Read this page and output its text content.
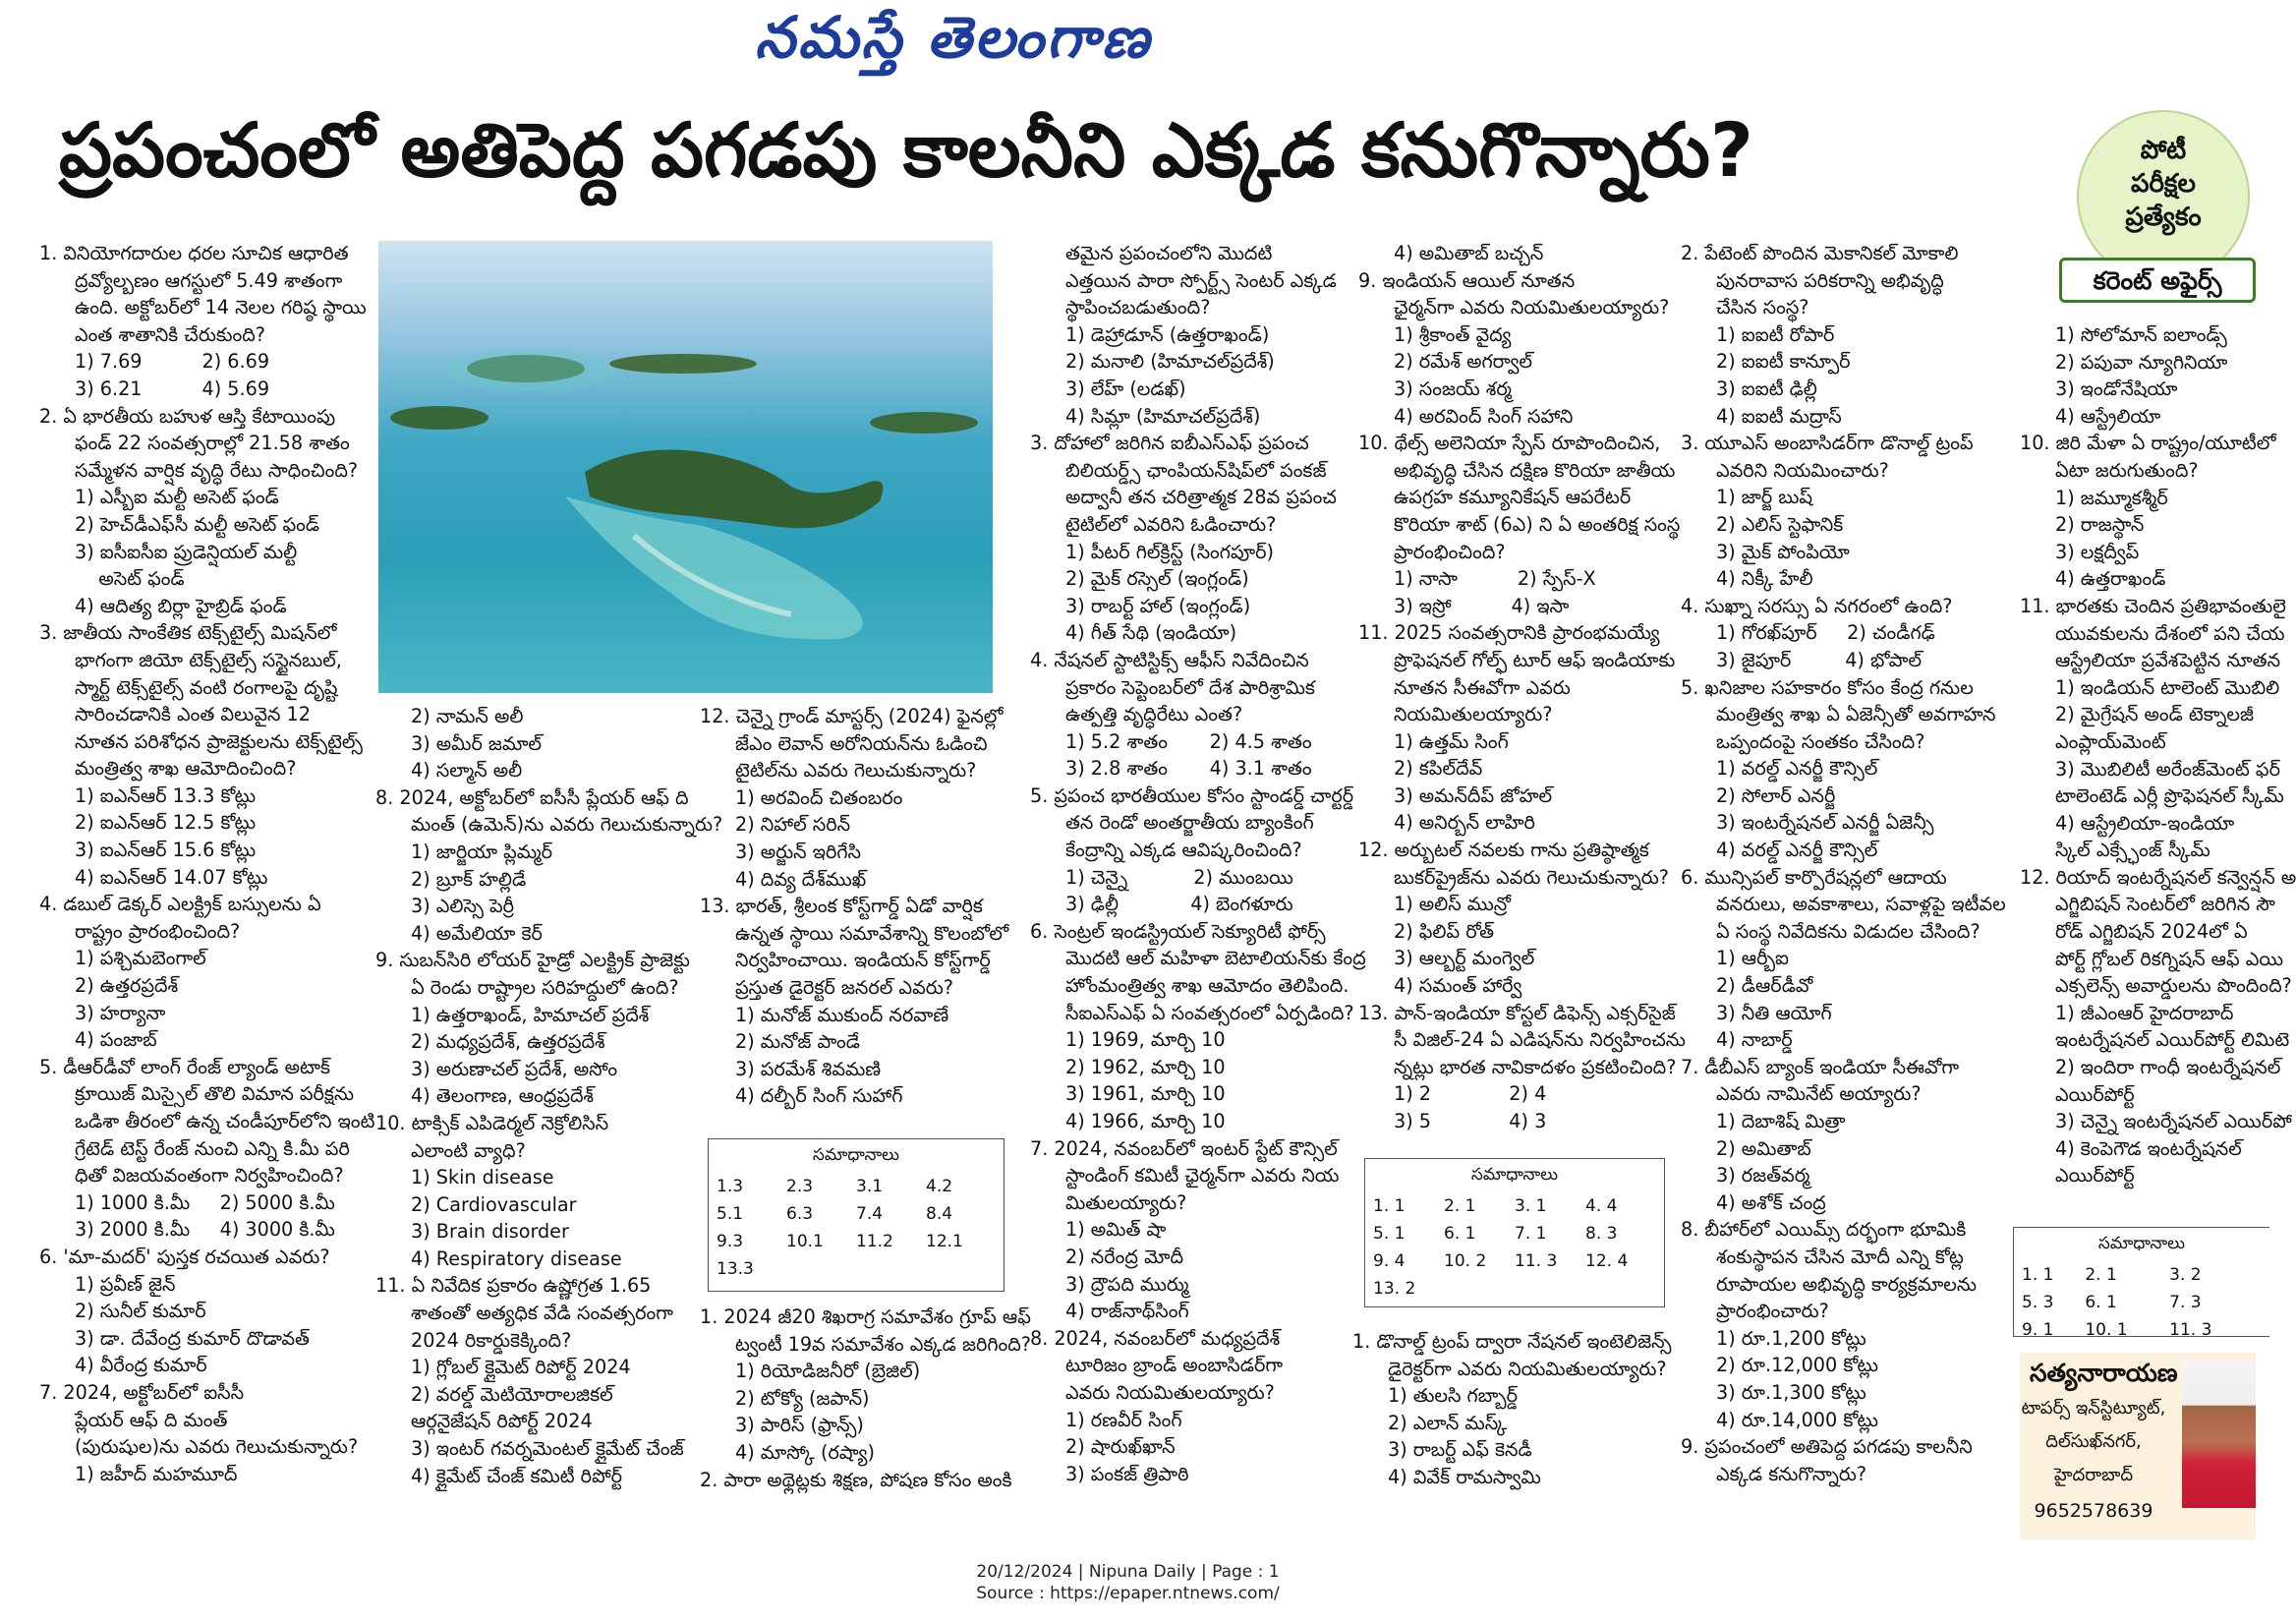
నమస్తే తెలంగాణ
ప్రపంచంలో అతిపెద్ద పగడపు కాలనీని ఎక్కడ కనుగొన్నారు?	పోటీ
పరీక్షల
ప్రత్యేకం
కరెంట్ అఫైర్స్
1. వినియోగదారుల ధరల సూచిక ఆధారిత
ద్రవ్యోల్బణం ఆగస్టులో 5.49 శాతంగా
ఉంది. అక్టోబర్‌లో 14 నెలల గరిష్ఠ స్థాయి
ఎంత శాతానికి చేరుకుంది?
1) 7.69          2) 6.69
3) 6.21          4) 5.69
2. ఏ భారతీయ బహుళ ఆస్తి కేటాయింపు
ఫండ్ 22 సంవత్సరాల్లో 21.58 శాతం
సమ్మేళన వార్షిక వృద్ధి రేటు సాధించింది?
1) ఎస్బీఐ మల్టీ అసెట్ ఫండ్
2) హెచ్‌డీఎఫ్‌సీ మల్టీ అసెట్ ఫండ్
3) ఐసీఐసీఐ ప్రుడెన్షియల్ మల్టీ
అసెట్ ఫండ్
4) ఆదిత్య బిర్లా హైబ్రిడ్ ఫండ్
3. జాతీయ సాంకేతిక టెక్స్‌టైల్స్ మిషన్‌లో
భాగంగా జియో టెక్స్‌టైల్స్ సస్టైనబుల్,
స్మార్ట్ టెక్స్‌టైల్స్ వంటి రంగాలపై దృష్టి
సారించడానికి ఎంత విలువైన 12
నూతన పరిశోధన ప్రాజెక్టులను టెక్స్‌టైల్స్
మంత్రిత్వ శాఖ ఆమోదించింది?
1) ఐఎన్ఆర్ 13.3 కోట్లు
2) ఐఎన్ఆర్ 12.5 కోట్లు
3) ఐఎన్ఆర్ 15.6 కోట్లు
4) ఐఎన్ఆర్ 14.07 కోట్లు
4. డబుల్ డెక్కర్ ఎలక్ట్రిక్ బస్సులను ఏ
రాష్ట్రం ప్రారంభించింది?
1) పశ్చిమబెంగాల్
2) ఉత్తరప్రదేశ్
3) హర్యానా
4) పంజాబ్
5. డీఆర్‌డీవో లాంగ్ రేంజ్ ల్యాండ్ అటాక్
క్రూయిజ్ మిస్సైల్ తొలి విమాన పరీక్షను
ఒడిశా తీరంలో ఉన్న చండీపూర్‌లోని ఇంటి
గ్రేటెడ్ టెస్ట్ రేంజ్ నుంచి ఎన్ని కి.మీ పరి
ధితో విజయవంతంగా నిర్వహించింది?
1) 1000 కి.మీ     2) 5000 కి.మీ
3) 2000 కి.మీ     4) 3000 కి.మీ
6. 'మా-మదర్' పుస్తక రచయిత ఎవరు?
1) ప్రవీణ్ జైన్
2) సునీల్ కుమార్
3) డా. దేవేంద్ర కుమార్ దొడావత్
4) వీరేంద్ర కుమార్
7. 2024, అక్టోబర్‌లో ఐసీసీ
ప్లేయర్ ఆఫ్ ది మంత్
(పురుషుల)ను ఎవరు గెలుచుకున్నారు?
1) జహీద్ మహమూద్
2) నామన్ అలీ
3) అమీర్ జమాల్
4) సల్మాన్ అలీ
8. 2024, అక్టోబర్‌లో ఐసీసీ ప్లేయర్ ఆఫ్ ది
మంత్ (ఉమెన్)ను ఎవరు గెలుచుకున్నారు?
1) జార్జియా ప్లిమ్మర్
2) బ్రూక్ హల్లిడే
3) ఎలిస్సె పెర్రీ
4) అమేలియా కెర్
9. సుబన్‌సిరి లోయర్ హైడ్రో ఎలక్ట్రిక్ ప్రాజెక్టు
ఏ రెండు రాష్ట్రాల సరిహద్దులో ఉంది?
1) ఉత్తరాఖండ్, హిమాచల్ ప్రదేశ్
2) మధ్యప్రదేశ్, ఉత్తరప్రదేశ్
3) అరుణాచల్ ప్రదేశ్, అసోం
4) తెలంగాణ, ఆంధ్రప్రదేశ్
10. టాక్సిక్ ఎపిడెర్మల్ నెక్రోలిసిస్
ఎలాంటి వ్యాధి?
1) Skin disease
2) Cardiovascular
3) Brain disorder
4) Respiratory disease
11. ఏ నివేదిక ప్రకారం ఉష్ణోగ్రత 1.65
శాతంతో అత్యధిక వేడి సంవత్సరంగా
2024 రికార్డుకెక్కింది?
1) గ్లోబల్ క్లైమెట్ రిపోర్ట్ 2024
2) వరల్డ్ మెటియోరాలజికల్
ఆర్గనైజేషన్ రిపోర్ట్ 2024
3) ఇంటర్ గవర్నమెంటల్ క్లైమేట్ చేంజ్
4) క్లైమేట్ చేంజ్ కమిటీ రిపోర్ట్
12. చెన్నై గ్రాండ్ మాస్టర్స్ (2024) ఫైనల్లో
జేఎం లెవాన్ అరోనియన్‌ను ఓడించి
టైటిల్‌ను ఎవరు గెలుచుకున్నారు?
1) అరవింద్ చితంబరం
2) నిహాల్ సరిన్
3) అర్జున్ ఇరిగేసి
4) దివ్య దేశ్‌ముఖ్
13. భారత్, శ్రీలంక కోస్ట్‌గార్డ్ ఏడో వార్షిక
ఉన్నత స్థాయి సమావేశాన్ని కొలంబోలో
నిర్వహించాయి. ఇండియన్ కోస్ట్‌గార్డ్
ప్రస్తుత డైరెక్టర్ జనరల్ ఎవరు?
1) మనోజ్ ముకుంద్ నరవాణే
2) మనోజ్ పాండే
3) పరమేశ్ శివమణి
4) దల్బీర్ సింగ్ సుహాగ్
సమాధానాలు
1.3	2.3	3.1	4.2
5.1	6.3	7.4	8.4
9.3	10.1	11.2	12.1
13.3			
1. 2024 జీ20 శిఖరాగ్ర సమావేశం గ్రూప్ ఆఫ్
ట్వంటీ 19వ సమావేశం ఎక్కడ జరిగింది?
1) రియోడిజనీరో (బ్రెజిల్)
2) టోక్యో (జపాన్)
3) పారిస్ (ఫ్రాన్స్)
4) మాస్కో (రష్యా)
2. పారా అథ్లెట్లకు శిక్షణ, పోషణ కోసం అంకి
తమైన ప్రపంచంలోని మొదటి
ఎత్తయిన పారా స్పోర్ట్స్ సెంటర్ ఎక్కడ
స్థాపించబడుతుంది?
1) డెహ్రాడూన్ (ఉత్తరాఖండ్)
2) మనాలి (హిమాచల్‌ప్రదేశ్)
3) లేహ్ (లడఖ్)
4) సిమ్లా (హిమాచల్‌ప్రదేశ్)
3. దోహాలో జరిగిన ఐబీఎస్ఎఫ్ ప్రపంచ
బిలియర్డ్స్ ఛాంపియన్‌షిప్‌లో పంకజ్
అద్వానీ తన చరిత్రాత్మక 28వ ప్రపంచ
టైటిల్‌లో ఎవరిని ఓడించారు?
1) పీటర్ గిల్‌క్రిస్ట్ (సింగపూర్)
2) మైక్ రస్సెల్ (ఇంగ్లండ్)
3) రాబర్ట్ హాల్ (ఇంగ్లండ్)
4) గీత్ సేథి (ఇండియా)
4. నేషనల్ స్టాటిస్టిక్స్ ఆఫీస్ నివేదించిన
ప్రకారం సెప్టెంబర్‌లో దేశ పారిశ్రామిక
ఉత్పత్తి వృద్ధిరేటు ఎంత?
1) 5.2 శాతం       2) 4.5 శాతం
3) 2.8 శాతం       4) 3.1 శాతం
5. ప్రపంచ భారతీయుల కోసం స్టాండర్డ్ చార్టర్డ్
తన రెండో అంతర్జాతీయ బ్యాంకింగ్
కేంద్రాన్ని ఎక్కడ ఆవిష్కరించింది?
1) చెన్నై           2) ముంబయి
3) ఢిల్లీ            4) బెంగళూరు
6. సెంట్రల్ ఇండస్ట్రియల్ సెక్యూరిటీ ఫోర్స్
మొదటి ఆల్ మహిళా బెటాలియన్‌కు కేంద్ర
హోంమంత్రిత్వ శాఖ ఆమోదం తెలిపింది.
సీఐఎస్ఎఫ్ ఏ సంవత్సరంలో ఏర్పడింది?
1) 1969, మార్చి 10
2) 1962, మార్చి 10
3) 1961, మార్చి 10
4) 1966, మార్చి 10
7. 2024, నవంబర్‌లో ఇంటర్ స్టేట్ కౌన్సిల్
స్టాండింగ్ కమిటీ ఛైర్మన్‌గా ఎవరు నియ
మితులయ్యారు?
1) అమిత్ షా
2) నరేంద్ర మోదీ
3) ద్రౌపది ముర్ము
4) రాజ్‌నాథ్‌సింగ్
8. 2024, నవంబర్‌లో మధ్యప్రదేశ్
టూరిజం బ్రాండ్ అంబాసిడర్‌గా
ఎవరు నియమితులయ్యారు?
1) రణవీర్ సింగ్
2) షారుఖ్‌ఖాన్
3) పంకజ్ త్రిపాఠి
4) అమితాబ్ బచ్చన్
9. ఇండియన్ ఆయిల్ నూతన
ఛైర్మన్‌గా ఎవరు నియమితులయ్యారు?
1) శ్రీకాంత్ వైద్య
2) రమేశ్ అగర్వాల్
3) సంజయ్ శర్మ
4) అరవింద్ సింగ్ సహాని
10. థేల్స్ అలెనియా స్పేస్ రూపొందించిన,
అభివృద్ధి చేసిన దక్షిణ కొరియా జాతీయ
ఉపగ్రహ కమ్యూనికేషన్ ఆపరేటర్
కొరియా శాట్ (6ఎ) ని ఏ అంతరిక్ష సంస్థ
ప్రారంభించింది?
1) నాసా          2) స్పేస్-X
3) ఇస్రో          4) ఇసా
11. 2025 సంవత్సరానికి ప్రారంభమయ్యే
ప్రొఫెషనల్ గోల్ఫ్ టూర్ ఆఫ్ ఇండియాకు
నూతన సీఈవోగా ఎవరు
నియమితులయ్యారు?
1) ఉత్తమ్ సింగ్
2) కపిల్‌దేవ్
3) అమన్‌దీప్ జోహల్
4) అనిర్బన్ లాహిరి
12. అర్బుటల్ నవలకు గాను ప్రతిష్ఠాత్మక
బుకర్‌ప్రైజ్‌ను ఎవరు గెలుచుకున్నారు?
1) అలిస్ మున్రో
2) ఫిలిప్ రోత్
3) ఆల్బర్ట్ మంగ్వెల్
4) సమంత్ హార్వే
13. పాన్-ఇండియా కోస్టల్ డిఫెన్స్ ఎక్సర్‌సైజ్
సీ విజిల్-24 ఏ ఎడిషన్‌ను నిర్వహించను
న్నట్లు భారత నావికాదళం ప్రకటించింది?
1) 2             2) 4
3) 5             4) 3
సమాధానాలు
1. 1	2. 1	3. 1	4. 4
5. 1	6. 1	7. 1	8. 3
9. 4	10. 2	11. 3	12. 4
13. 2			
1. డొనాల్డ్ ట్రంప్ ద్వారా నేషనల్ ఇంటెలిజెన్స్
డైరెక్టర్‌గా ఎవరు నియమితులయ్యారు?
1) తులసి గబ్బార్డ్
2) ఎలాన్ మస్క్
3) రాబర్ట్ ఎఫ్ కెనడీ
4) వివేక్ రామస్వామి
2. పేటెంట్ పొందిన మెకానికల్ మోకాలి
పునరావాస పరికరాన్ని అభివృద్ధి
చేసిన సంస్థ?
1) ఐఐటీ రోపార్
2) ఐఐటీ కాన్పూర్
3) ఐఐటీ ఢిల్లీ
4) ఐఐటీ మద్రాస్
3. యూఎస్ అంబాసిడర్‌గా డొనాల్డ్ ట్రంప్
ఎవరిని నియమించారు?
1) జార్జ్ బుష్
2) ఎలిస్ స్టెఫానిక్
3) మైక్ పోంపియో
4) నిక్కీ హేలీ
4. సుఖ్నా సరస్సు ఏ నగరంలో ఉంది?
1) గోరఖ్‌పూర్     2) చండీగఢ్
3) జైపూర్         4) భోపాల్
5. ఖనిజాల సహకారం కోసం కేంద్ర గనుల
మంత్రిత్వ శాఖ ఏ ఏజెన్సీతో అవగాహన
ఒప్పందంపై సంతకం చేసింది?
1) వరల్డ్ ఎనర్జీ కౌన్సిల్
2) సోలార్ ఎనర్జీ
3) ఇంటర్నేషనల్ ఎనర్జీ ఏజెన్సీ
4) వరల్డ్ ఎనర్జీ కౌన్సిల్
6. మున్సిపల్ కార్పొరేషన్లలో ఆదాయ
వనరులు, అవకాశాలు, సవాళ్లపై ఇటీవల
ఏ సంస్థ నివేదికను విడుదల చేసింది?
1) ఆర్బీఐ
2) డీఆర్‌డీవో
3) నీతి ఆయోగ్
4) నాబార్డ్
7. డీబీఎస్ బ్యాంక్ ఇండియా సీఈవోగా
ఎవరు నామినేట్ అయ్యారు?
1) దెబాశిష్ మిత్రా
2) అమితాబ్
3) రజత్‌వర్మ
4) అశోక్ చంద్ర
8. బీహార్‌లో ఎయిమ్స్ దర్భంగా భూమికి
శంకుస్థాపన చేసిన మోదీ ఎన్ని కోట్ల
రూపాయల అభివృద్ధి కార్యక్రమాలను
ప్రారంభించారు?
1) రూ.1,200 కోట్లు
2) రూ.12,000 కోట్లు
3) రూ.1,300 కోట్లు
4) రూ.14,000 కోట్లు
9. ప్రపంచంలో అతిపెద్ద పగడపు కాలనీని
ఎక్కడ కనుగొన్నారు?
1) సోలోమాన్ ఐలాండ్స్
2) పపువా న్యూగినియా
3) ఇండోనేషియా
4) ఆస్ట్రేలియా
10. జిరి మేళా ఏ రాష్ట్రం/యూటీలో
ఏటా జరుగుతుంది?
1) జమ్మూకశ్మీర్
2) రాజస్థాన్
3) లక్షద్వీప్
4) ఉత్తరాఖండ్
11. భారతకు చెందిన ప్రతిభావంతులై
యువకులను దేశంలో పని చేయ
ఆస్ట్రేలియా ప్రవేశపెట్టిన నూతన
1) ఇండియన్ టాలెంట్ మొబిలి
2) మైగ్రేషన్ అండ్ టెక్నాలజీ
ఎంప్లాయ్‌మెంట్
3) మొబిలిటీ అరేంజ్‌మెంట్ ఫర్
టాలెంటెడ్ ఎర్లీ ప్రొఫెషనల్ స్కీమ్
4) ఆస్ట్రేలియా-ఇండియా
స్కిల్ ఎక్స్ఛేంజ్ స్కీమ్
12. రియాద్ ఇంటర్నేషనల్ కన్వెన్షన్ అ
ఎగ్జిబిషన్ సెంటర్‌లో జరిగిన సౌ
రోడ్ ఎగ్జిబిషన్ 2024లో ఏ
పోర్ట్ గ్లోబల్ రికగ్నిషన్ ఆఫ్ ఎయి
ఎక్సలెన్స్ అవార్డులను పొందింది?
1) జీఎంఆర్ హైదరాబాద్
ఇంటర్నేషనల్ ఎయిర్‌పోర్ట్ లిమిటె
2) ఇందిరా గాంధీ ఇంటర్నేషనల్
ఎయిర్‌పోర్ట్
3) చెన్నై ఇంటర్నేషనల్ ఎయిర్‌పో
4) కెంపెగౌడ ఇంటర్నేషనల్
ఎయిర్‌పోర్ట్
సమాధానాలు
1. 1	2. 1	3. 2
5. 3	6. 1	7. 3
9. 1	10. 1	11. 3
సత్యనారాయణ
టాపర్స్ ఇన్‌స్టిట్యూట్,
దిల్‌సుఖ్‌నగర్,
హైదరాబాద్
9652578639
20/12/2024 | Nipuna Daily | Page : 1
Source : https://epaper.ntnews.com/
